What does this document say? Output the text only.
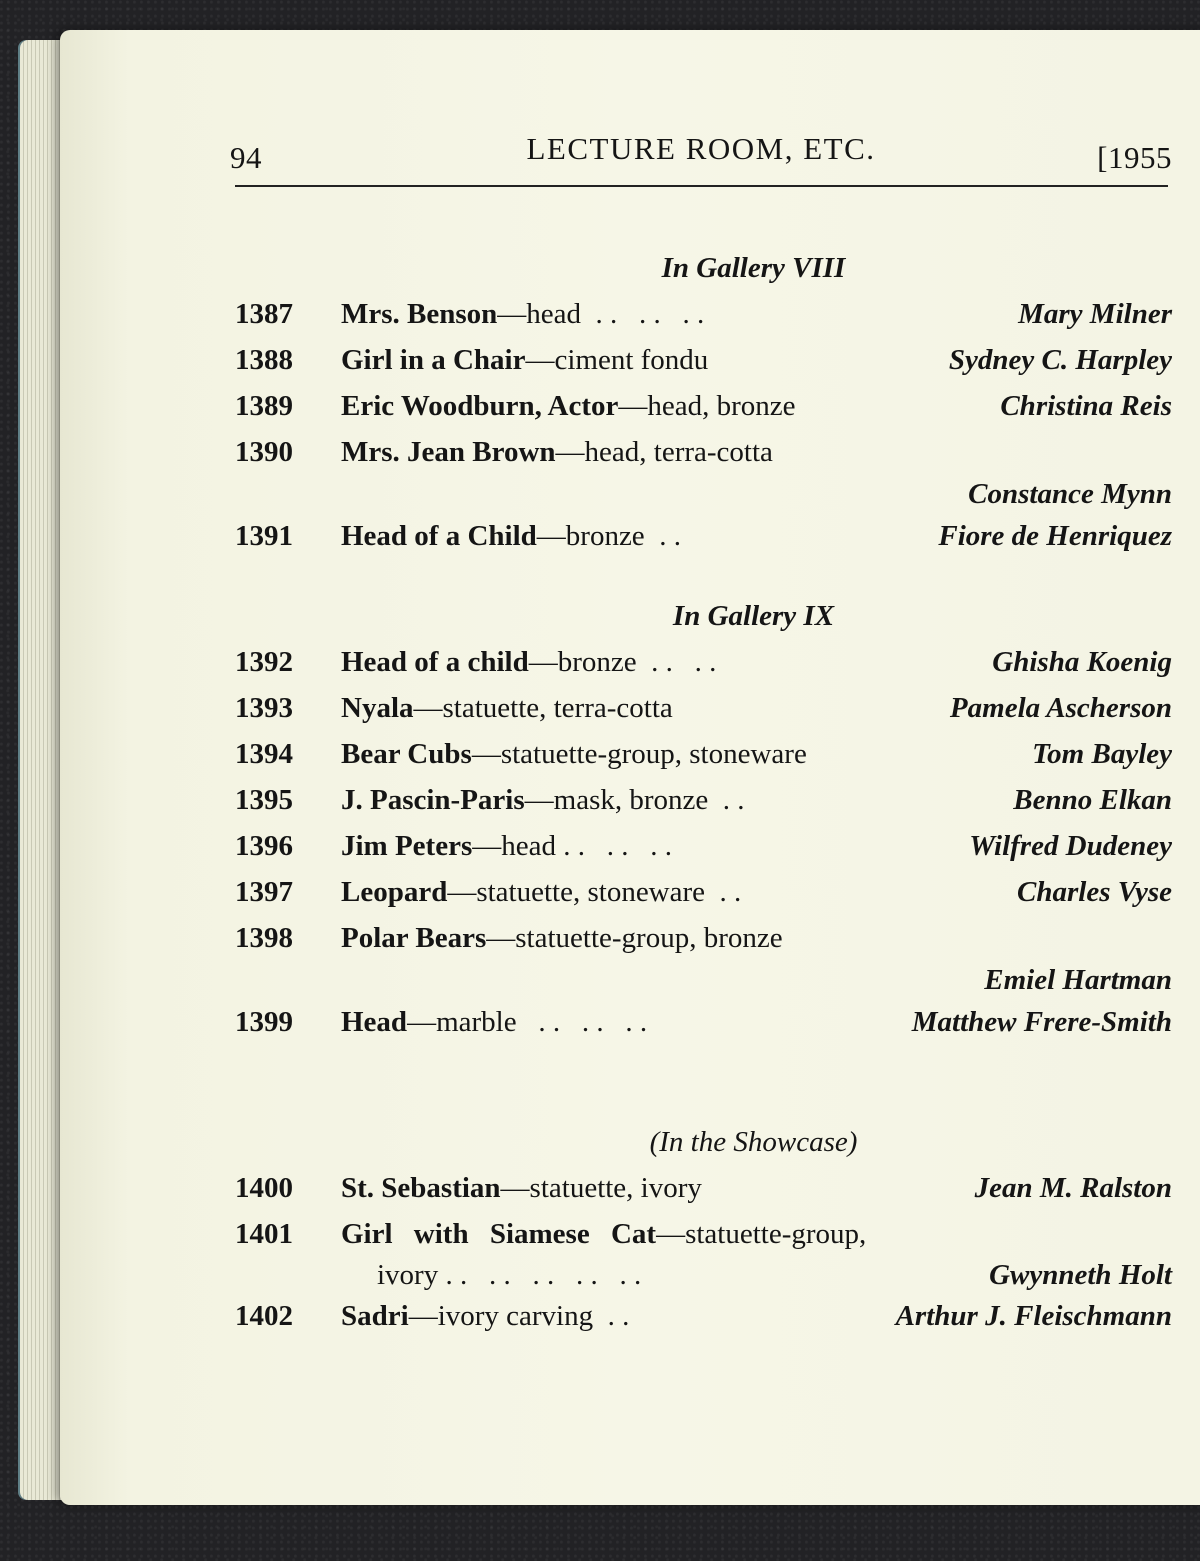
94	LECTURE ROOM, ETC.	[1955
In Gallery VIII
1387	Mrs. Benson—head  . .   . .   . .	Mary Milner
1388	Girl in a Chair—ciment fondu	Sydney C. Harpley
1389	Eric Woodburn, Actor—head, bronze	Christina Reis
1390	Mrs. Jean Brown—head, terra-cotta
Constance Mynn
1391	Head of a Child—bronze  . .	Fiore de Henriquez
In Gallery IX
1392	Head of a child—bronze  . .   . .	Ghisha Koenig
1393	Nyala—statuette, terra-cotta	Pamela Ascherson
1394	Bear Cubs—statuette-group, stoneware	Tom Bayley
1395	J. Pascin-Paris—mask, bronze  . .	Benno Elkan
1396	Jim Peters—head . .   . .   . .	Wilfred Dudeney
1397	Leopard—statuette, stoneware  . .	Charles Vyse
1398	Polar Bears—statuette-group, bronze
Emiel Hartman
1399	Head—marble   . .   . .   . .	Matthew Frere-Smith
(In the Showcase)
1400	St. Sebastian—statuette, ivory	Jean M. Ralston
1401	Girl with Siamese Cat—statuette-group,
ivory . .   . .   . .   . .   . .	Gwynneth Holt
1402	Sadri—ivory carving  . .	Arthur J. Fleischmann
